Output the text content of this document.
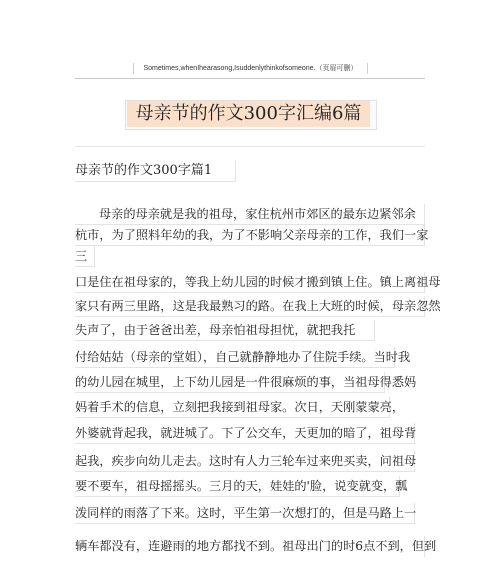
Sometimes,whenIhearasong,Isuddenlythinkofsomeone.（页眉可删）
母亲节的作文300字汇编6篇
母亲节的作文300字篇1
母亲的母亲就是我的祖母，家住杭州市郊区的最东边紧邻余
杭市，为了照料年幼的我，为了不影响父亲母亲的工作，我们一家
三
口是住在祖母家的，等我上幼儿园的时候才搬到镇上住。镇上离祖母
家只有两三里路，这是我最熟习的路。在我上大班的时候，母亲忽然
失声了，由于爸爸出差，母亲怕祖母担忧，就把我托
付给姑姑（母亲的堂姐），自己就静静地办了住院手续。当时我
的幼儿园在城里，上下幼儿园是一件很麻烦的事，当祖母得悉妈
妈着手术的信息，立刻把我接到祖母家。次日，天刚蒙蒙亮，
外婆就背起我，就进城了。下了公交车，天更加的暗了，祖母背
起我，疾步向幼儿走去。这时有人力三轮车过来兜买卖，问祖母
要不要车，祖母摇摇头。三月的天，娃娃的'脸，说变就变，瓢
泼同样的雨落了下来。这时，平生第一次想打的，但是马路上一
辆车都没有，连避雨的地方都找不到。祖母出门的时6点不到，但到
